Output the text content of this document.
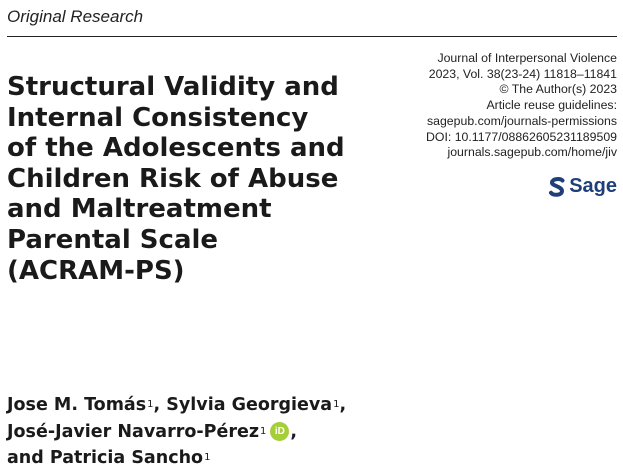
Original Research
Structural Validity and
Internal Consistency
of the Adolescents and
Children Risk of Abuse
and Maltreatment
Parental Scale
(ACRAM-PS)
Journal of Interpersonal Violence
2023, Vol. 38(23-24) 11818–11841
© The Author(s) 2023
Article reuse guidelines:
sagepub.com/journals-permissions
DOI: 10.1177/08862605231189509
journals.sagepub.com/home/jiv
Sage
Jose M. Tomás 1 , Sylvia Georgieva 1 ,
José-Javier Navarro-Pérez 1 iD ,
and
Patricia Sancho 1
